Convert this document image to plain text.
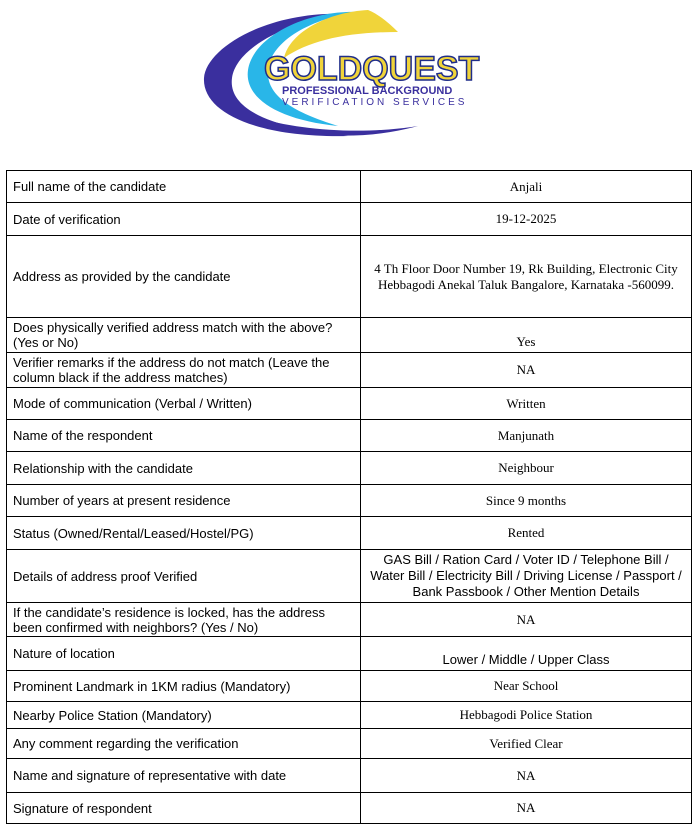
GOLDQUEST
PROFESSIONAL BACKGROUND
VERIFICATION SERVICES
Full name of the candidate	Anjali
Date of verification	19-12-2025
Address as provided by the candidate	4 Th Floor Door Number 19, Rk Building, Electronic City Hebbagodi Anekal Taluk Bangalore, Karnataka -560099.
Does physically verified address match with the above? (Yes or No)	Yes
Verifier remarks if the address do not match (Leave the column black if the address matches)	NA
Mode of communication (Verbal / Written)	Written
Name of the respondent	Manjunath
Relationship with the candidate	Neighbour
Number of years at present residence	Since 9 months
Status (Owned/Rental/Leased/Hostel/PG)	Rented
Details of address proof Verified	GAS Bill / Ration Card / Voter ID / Telephone Bill / Water Bill / Electricity Bill / Driving License / Passport / Bank Passbook / Other Mention Details
If the candidate’s residence is locked, has the address been confirmed with neighbors? (Yes / No)	NA
Nature of location	Lower / Middle / Upper Class
Prominent Landmark in 1KM radius (Mandatory)	Near School
Nearby Police Station (Mandatory)	Hebbagodi Police Station
Any comment regarding the verification	Verified Clear
Name and signature of representative with date	NA
Signature of respondent	NA
